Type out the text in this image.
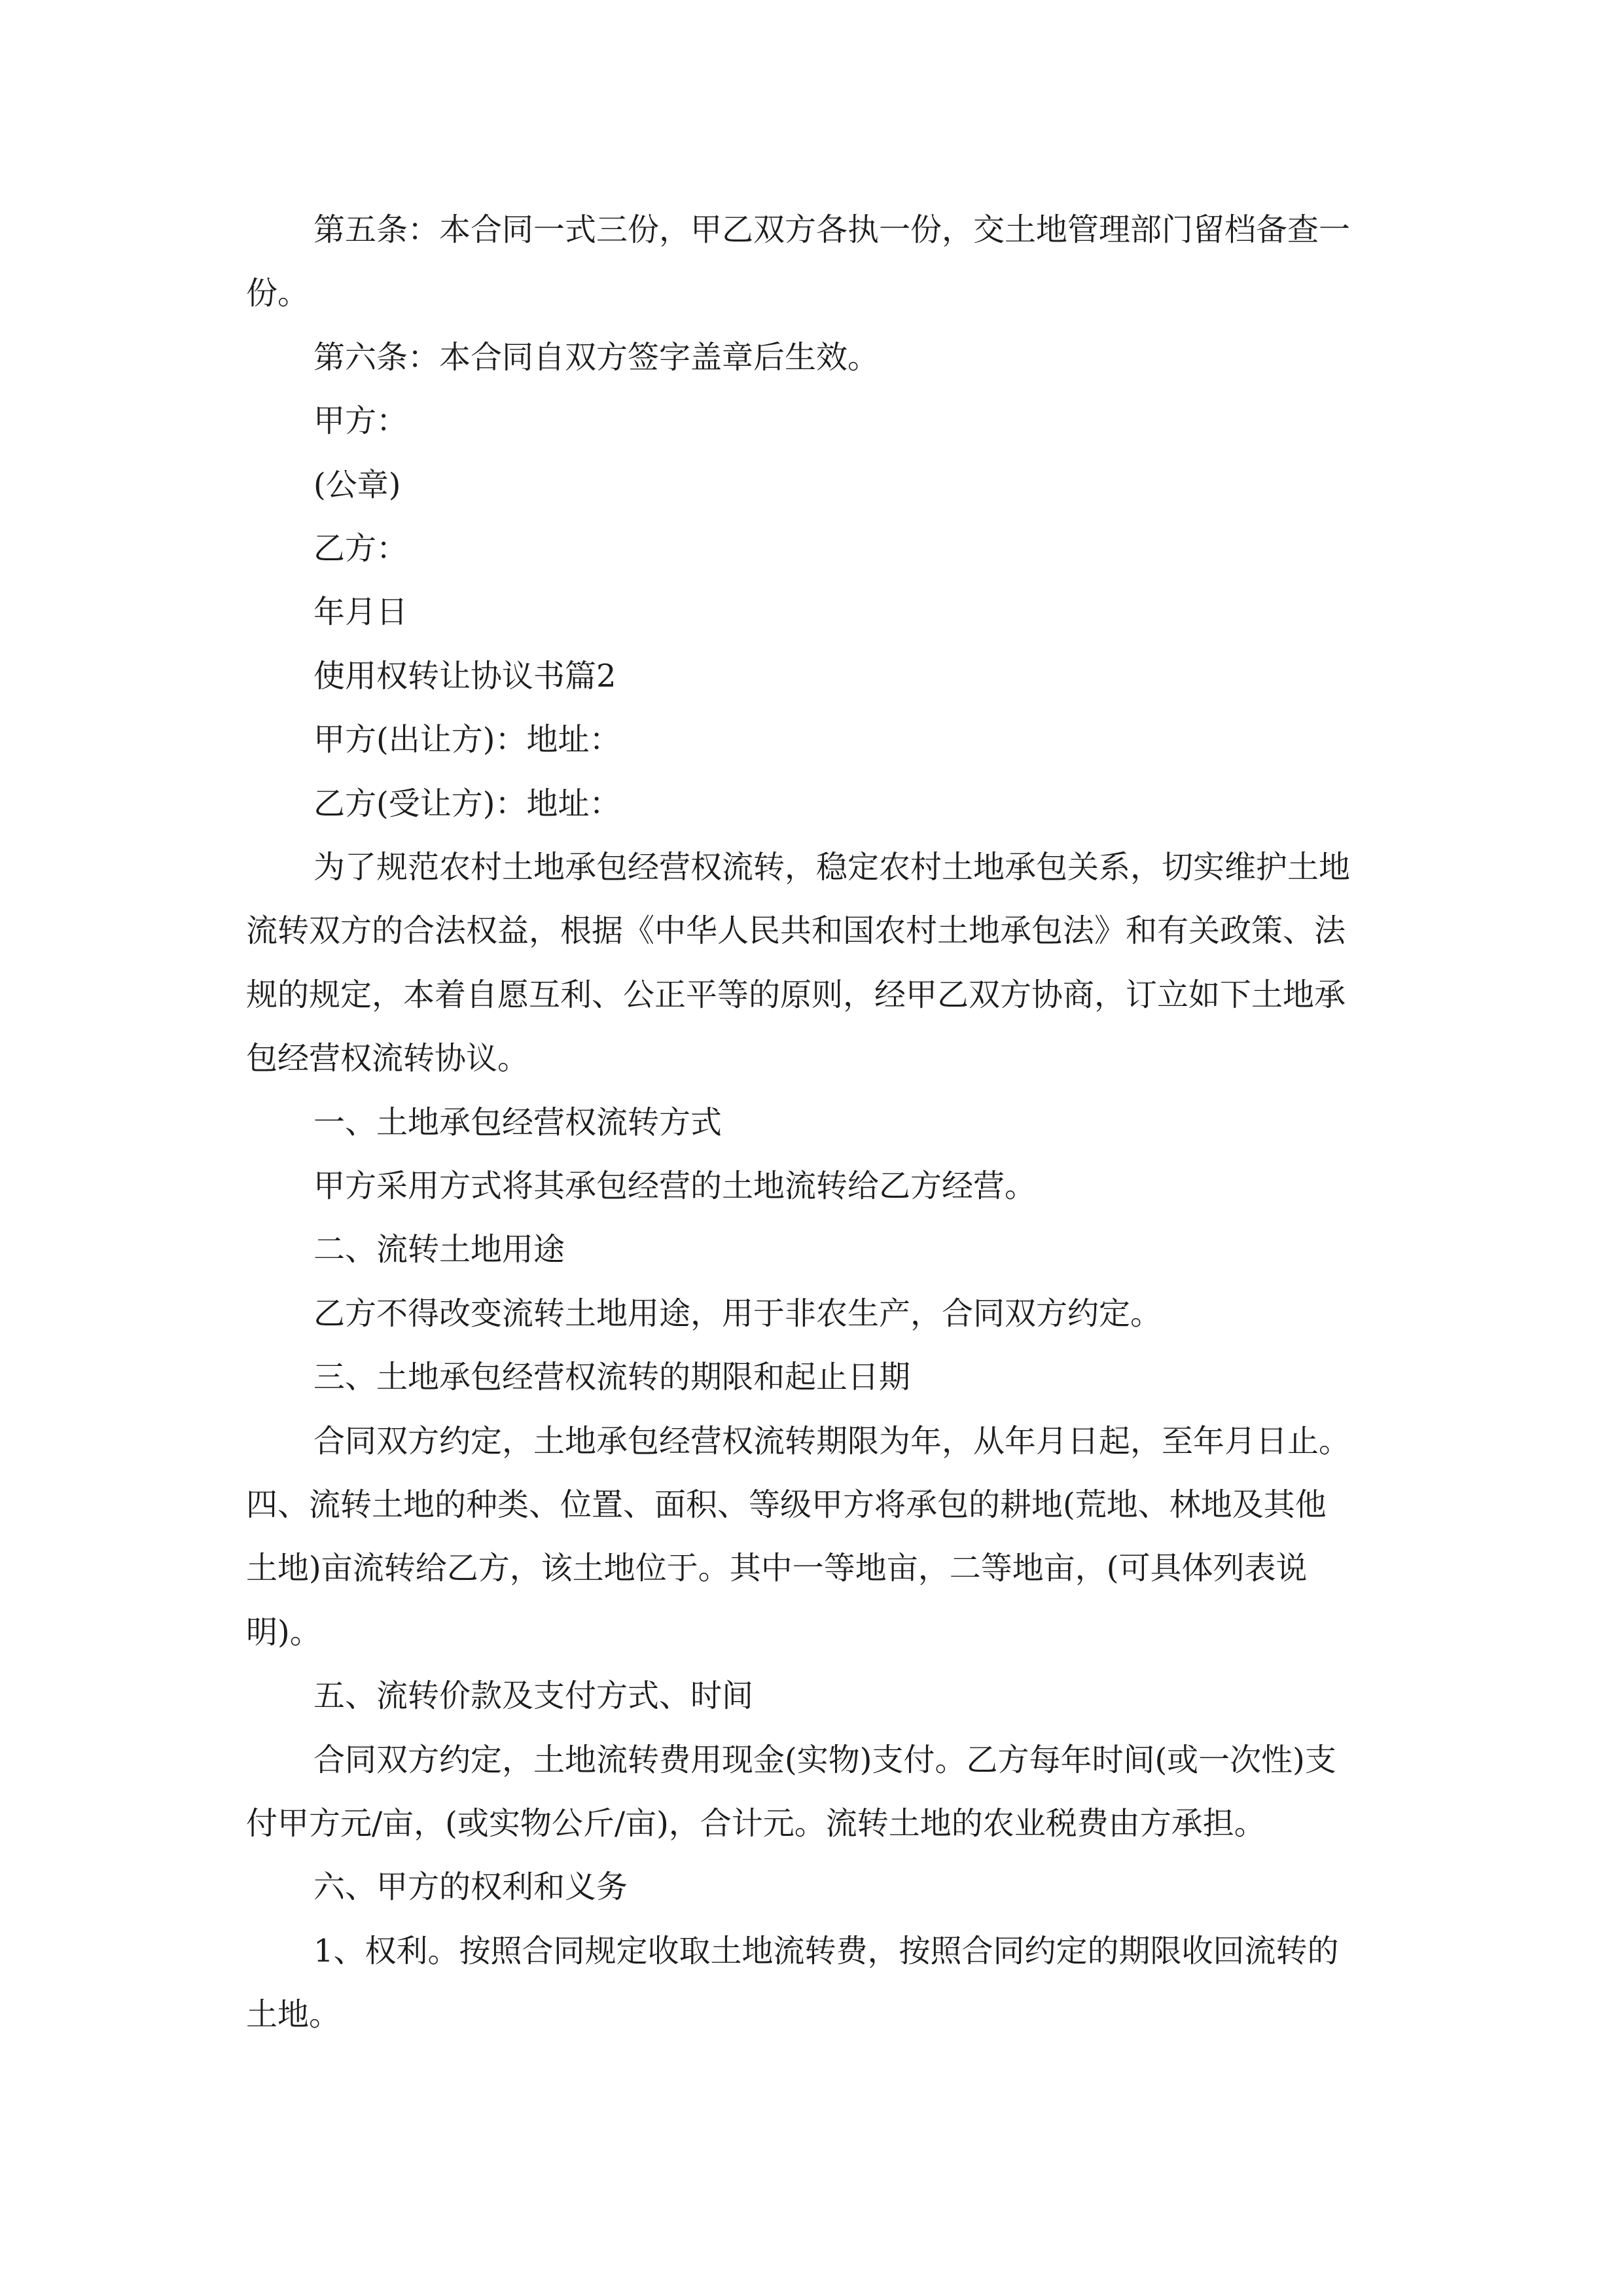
第五条：本合同一式三份，甲乙双方各执一份，交土地管理部门留档备查一
份。
第六条：本合同自双方签字盖章后生效。
甲方：
(公章)
乙方：
年月日
使用权转让协议书篇2
甲方(出让方)：地址：
乙方(受让方)：地址：
为了规范农村土地承包经营权流转，稳定农村土地承包关系，切实维护土地
流转双方的合法权益，根据《中华人民共和国农村土地承包法》和有关政策、法
规的规定，本着自愿互利、公正平等的原则，经甲乙双方协商，订立如下土地承
包经营权流转协议。
一、土地承包经营权流转方式
甲方采用方式将其承包经营的土地流转给乙方经营。
二、流转土地用途
乙方不得改变流转土地用途，用于非农生产，合同双方约定。
三、土地承包经营权流转的期限和起止日期
合同双方约定，土地承包经营权流转期限为年，从年月日起，至年月日止。
四、流转土地的种类、位置、面积、等级甲方将承包的耕地(荒地、林地及其他
土地)亩流转给乙方，该土地位于。其中一等地亩，二等地亩，(可具体列表说
明)。
五、流转价款及支付方式、时间
合同双方约定，土地流转费用现金(实物)支付。乙方每年时间(或一次性)支
付甲方元/亩，(或实物公斤/亩)，合计元。流转土地的农业税费由方承担。
六、甲方的权利和义务
1、权利。按照合同规定收取土地流转费，按照合同约定的期限收回流转的
土地。
